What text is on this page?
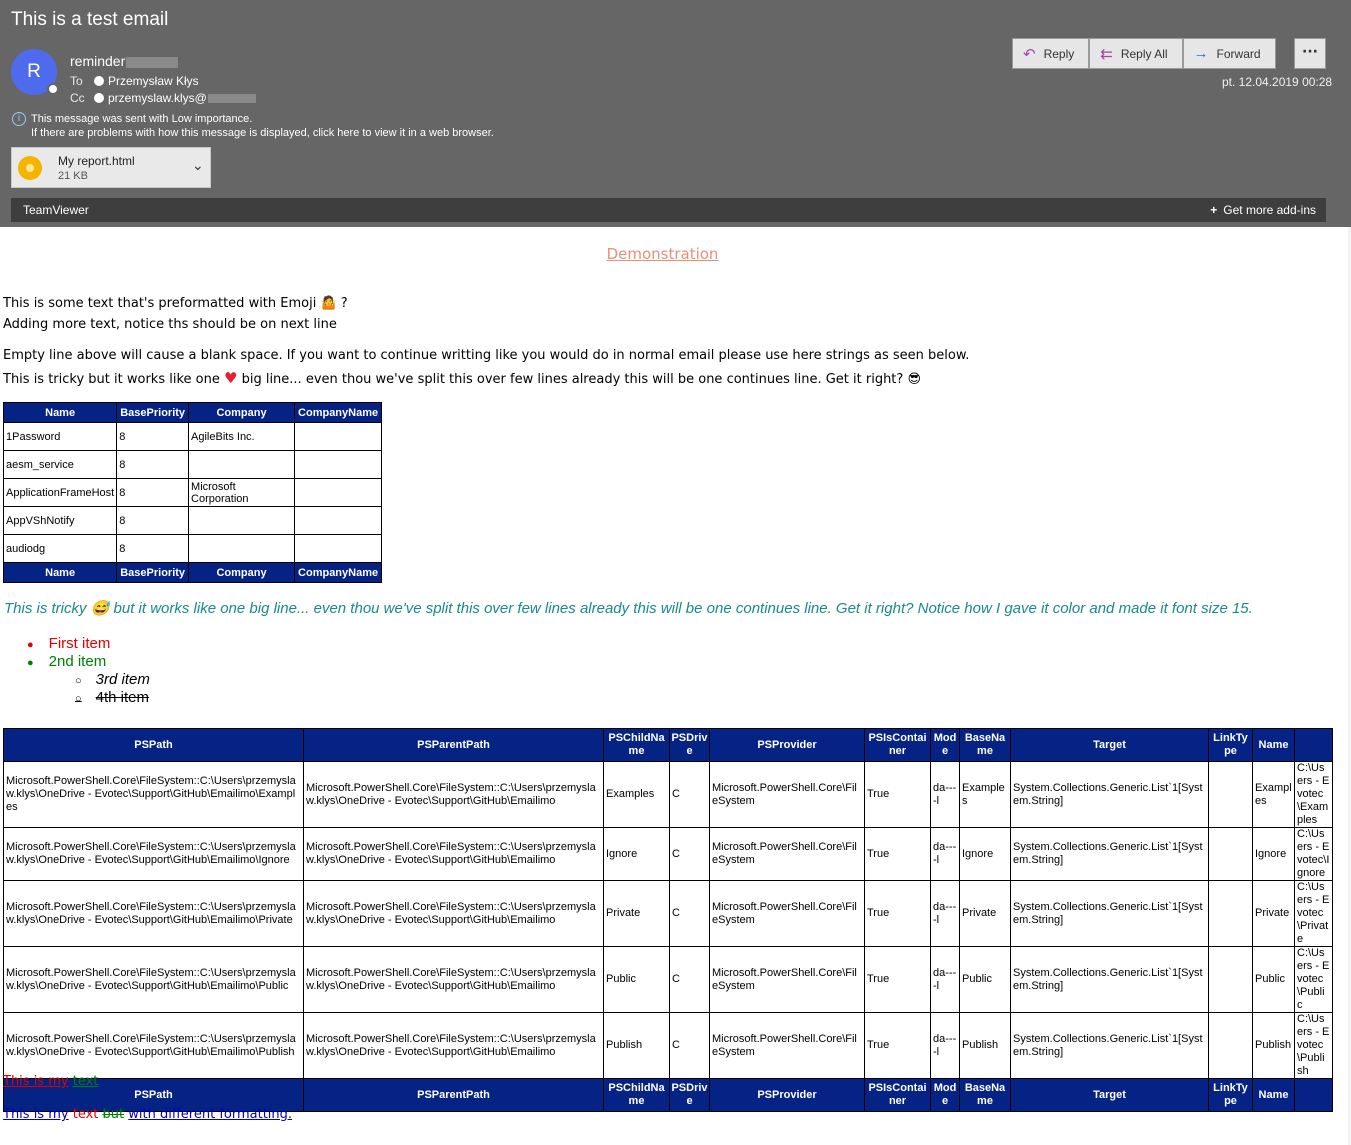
This is a test email
R reminder
To	Przemysław Kłys
Cc	przemyslaw.klys@
i This message was sent with Low importance.
If there are problems with how this message is displayed, click here to view it in a web browser.
My report.html
21 KB
⌄
TeamViewer	+ Get more add-ins
↶ Reply ⇇ Reply All → Forward	···
pt. 12.04.2019 00:28
Demonstration
This is some text that's preformatted with Emoji 🤷 ?
Adding more text, notice ths should be on next line
Empty line above will cause a blank space. If you want to continue writting like you would do in normal email please use here strings as seen below.
This is tricky but it works like one ♥ big line... even thou we've split this over few lines already this will be one continues line. Get it right? 😎
Name	BasePriority	Company	CompanyName
1Password	8	AgileBits Inc.	
aesm_service	8		
ApplicationFrameHost	8	Microsoft Corporation	
AppVShNotify	8		
audiodg	8		
Name	BasePriority	Company	CompanyName
This is tricky 😅 but it works like one big line... even thou we've split this over few lines already this will be one continues line. Get it right? Notice how I gave it color and made it font size 15.
● First item
● 2nd item
○ 3rd item
○ 4th item
PSPath	PSParentPath	PSChildName	PSDrive	PSProvider	PSIsContainer	Mode	BaseName	Target	LinkType	Name	
Microsoft.PowerShell.Core\FileSystem::C:\Users\przemyslaw.klys\OneDrive - Evotec\Support\GitHub\Emailimo\Examples	Microsoft.PowerShell.Core\FileSystem::C:\Users\przemyslaw.klys\OneDrive - Evotec\Support\GitHub\Emailimo	Examples	C	Microsoft.PowerShell.Core\FileSystem	True	da----l	Examples	System.Collections.Generic.List`1[System.String]		Examples	C:\Users - Evotec\Examples
Microsoft.PowerShell.Core\FileSystem::C:\Users\przemyslaw.klys\OneDrive - Evotec\Support\GitHub\Emailimo\Ignore	Microsoft.PowerShell.Core\FileSystem::C:\Users\przemyslaw.klys\OneDrive - Evotec\Support\GitHub\Emailimo	Ignore	C	Microsoft.PowerShell.Core\FileSystem	True	da----l	Ignore	System.Collections.Generic.List`1[System.String]		Ignore	C:\Users - Evotec\Ignore
Microsoft.PowerShell.Core\FileSystem::C:\Users\przemyslaw.klys\OneDrive - Evotec\Support\GitHub\Emailimo\Private	Microsoft.PowerShell.Core\FileSystem::C:\Users\przemyslaw.klys\OneDrive - Evotec\Support\GitHub\Emailimo	Private	C	Microsoft.PowerShell.Core\FileSystem	True	da----l	Private	System.Collections.Generic.List`1[System.String]		Private	C:\Users - Evotec\Private
Microsoft.PowerShell.Core\FileSystem::C:\Users\przemyslaw.klys\OneDrive - Evotec\Support\GitHub\Emailimo\Public	Microsoft.PowerShell.Core\FileSystem::C:\Users\przemyslaw.klys\OneDrive - Evotec\Support\GitHub\Emailimo	Public	C	Microsoft.PowerShell.Core\FileSystem	True	da----l	Public	System.Collections.Generic.List`1[System.String]		Public	C:\Users - Evotec\Public
Microsoft.PowerShell.Core\FileSystem::C:\Users\przemyslaw.klys\OneDrive - Evotec\Support\GitHub\Emailimo\Publish	Microsoft.PowerShell.Core\FileSystem::C:\Users\przemyslaw.klys\OneDrive - Evotec\Support\GitHub\Emailimo	Publish	C	Microsoft.PowerShell.Core\FileSystem	True	da----l	Publish	System.Collections.Generic.List`1[System.String]		Publish	C:\Users - Evotec\Publish
PSPath	PSParentPath	PSChildName	PSDrive	PSProvider	PSIsContainer	Mode	BaseName	Target	LinkType	Name	
This is my text
This is my text but with different formatting.
